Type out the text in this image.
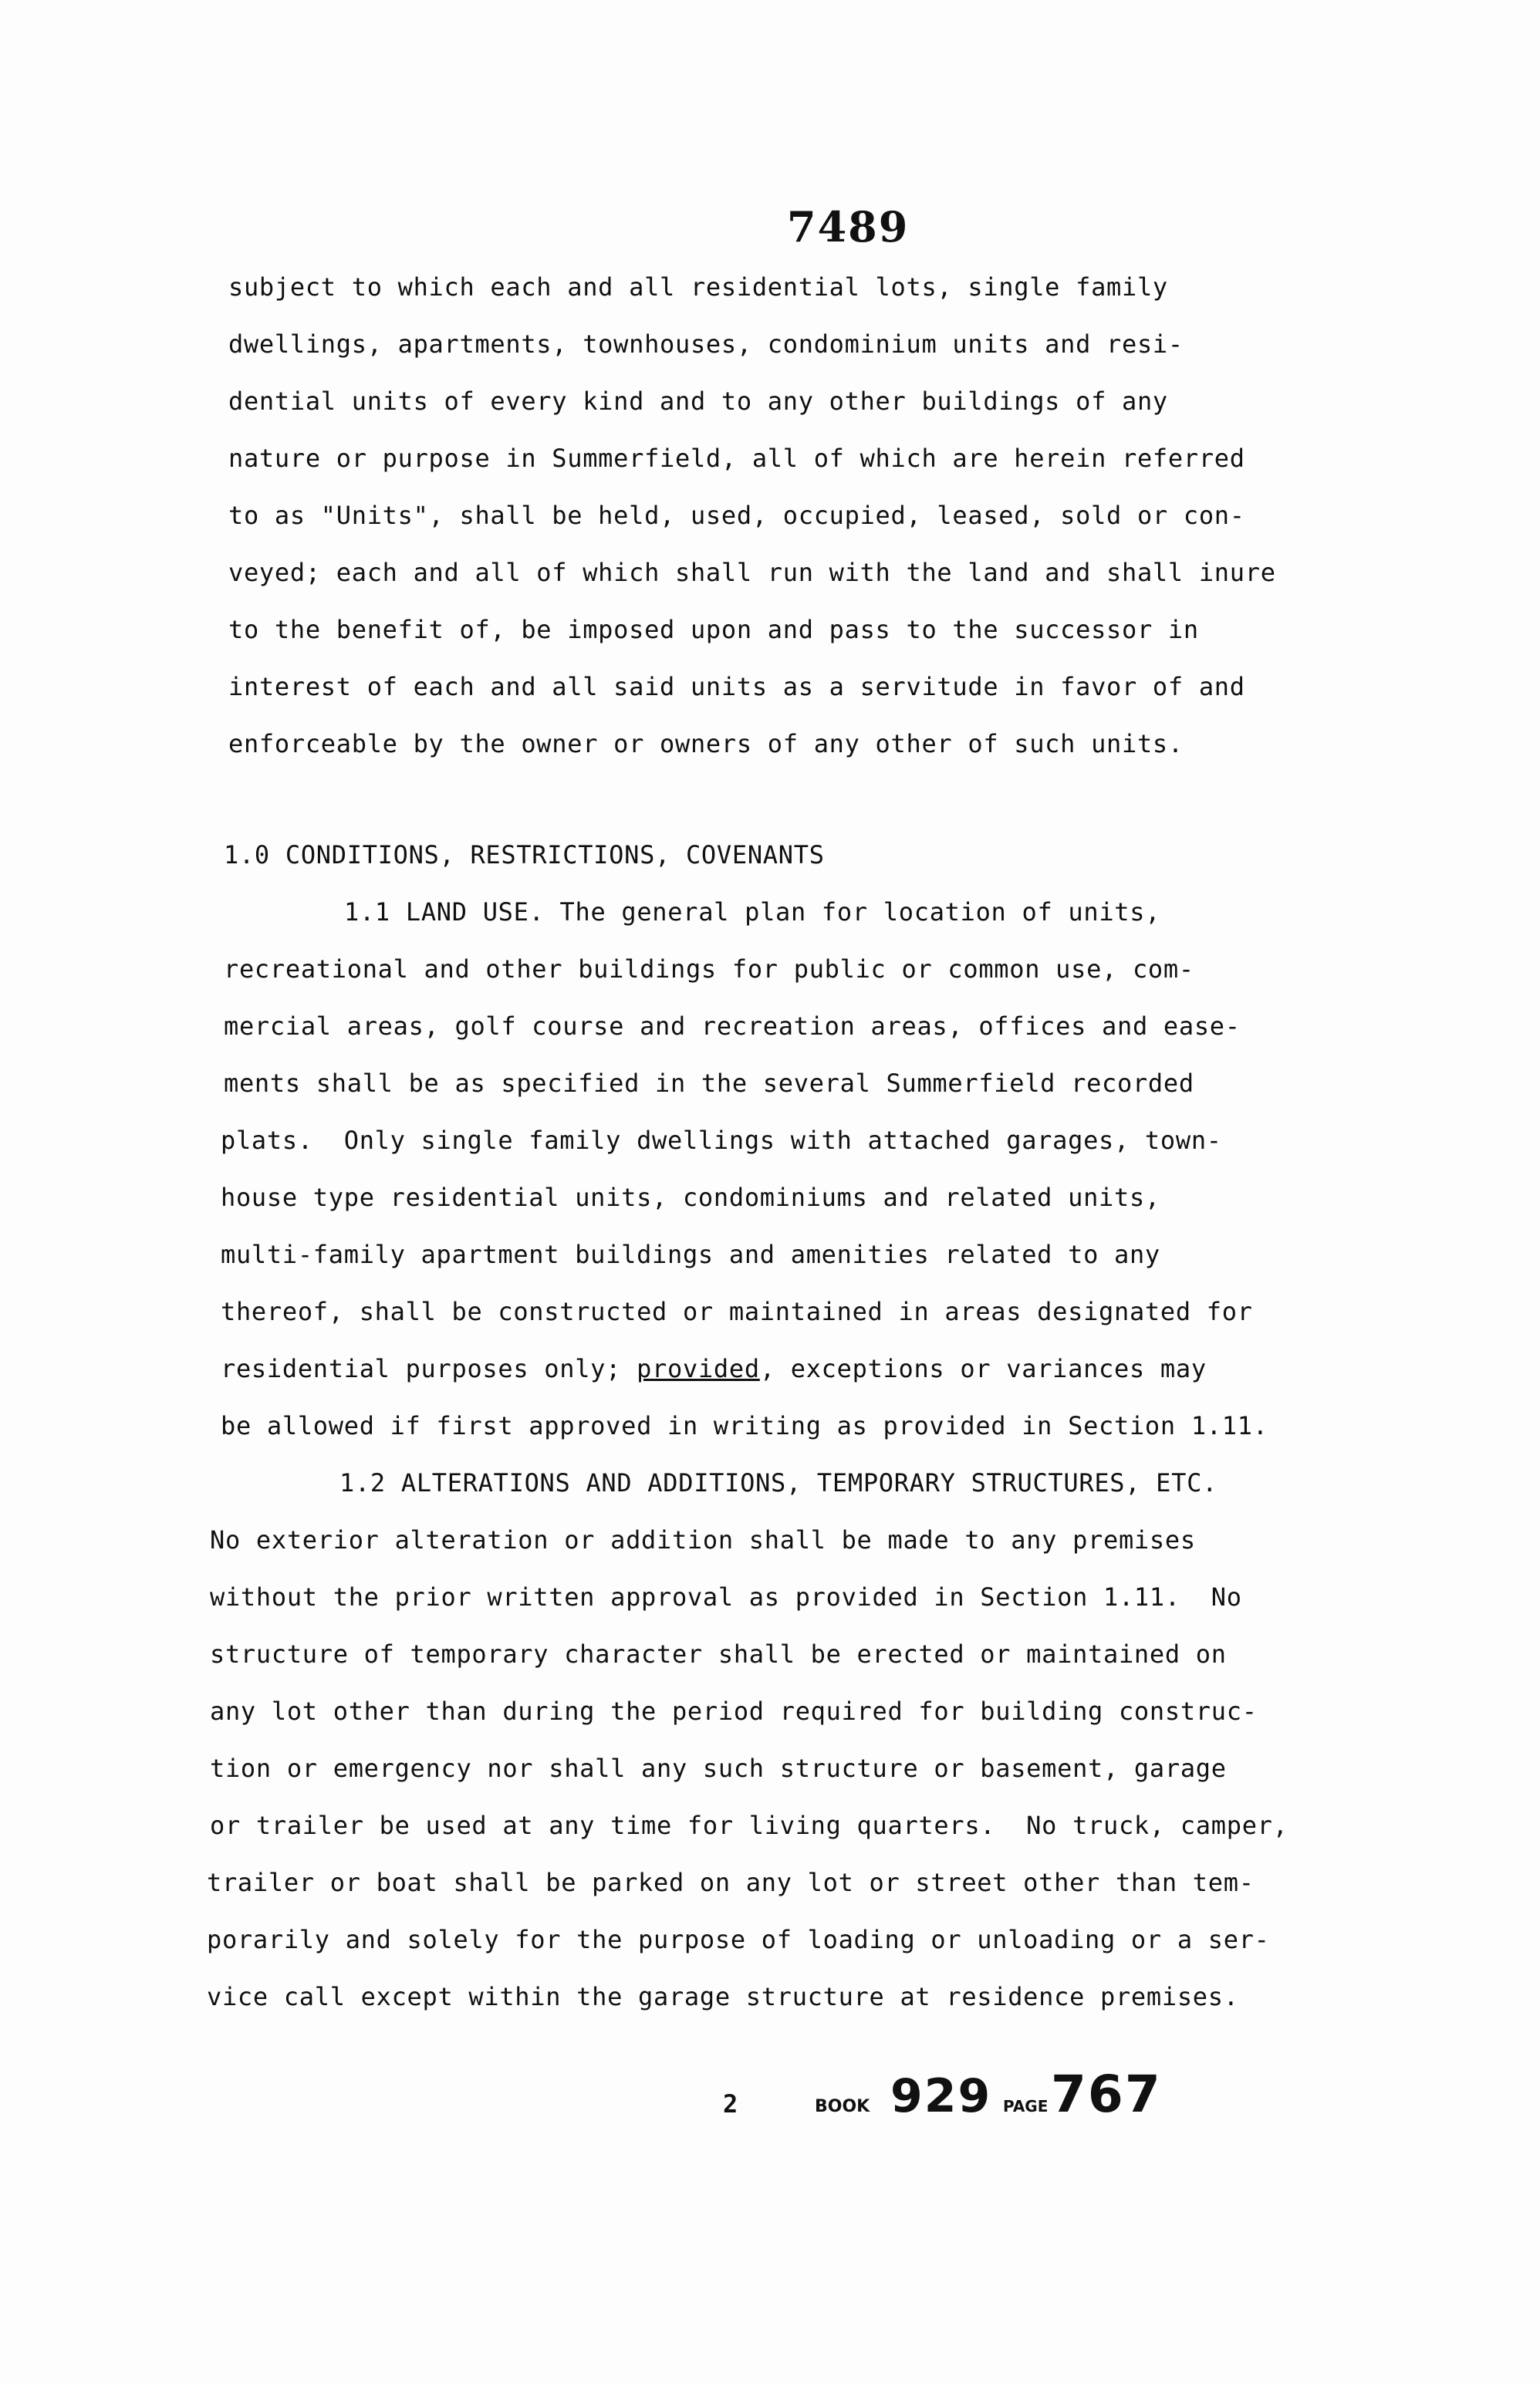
7489
subject to which each and all residential lots, single family
dwellings, apartments, townhouses, condominium units and resi-
dential units of every kind and to any other buildings of any
nature or purpose in Summerfield, all of which are herein referred
to as "Units", shall be held, used, occupied, leased, sold or con-
veyed; each and all of which shall run with the land and shall inure
to the benefit of, be imposed upon and pass to the successor in
interest of each and all said units as a servitude in favor of and
enforceable by the owner or owners of any other of such units.
1.0 CONDITIONS, RESTRICTIONS, COVENANTS
1.1 LAND USE. The general plan for location of units,
recreational and other buildings for public or common use, com-
mercial areas, golf course and recreation areas, offices and ease-
ments shall be as specified in the several Summerfield recorded
plats.  Only single family dwellings with attached garages, town-
house type residential units, condominiums and related units,
multi-family apartment buildings and amenities related to any
thereof, shall be constructed or maintained in areas designated for
residential purposes only; provided, exceptions or variances may
be allowed if first approved in writing as provided in Section 1.11.
1.2 ALTERATIONS AND ADDITIONS, TEMPORARY STRUCTURES, ETC.
No exterior alteration or addition shall be made to any premises
without the prior written approval as provided in Section 1.11.  No
structure of temporary character shall be erected or maintained on
any lot other than during the period required for building construc-
tion or emergency nor shall any such structure or basement, garage
or trailer be used at any time for living quarters.  No truck, camper,
trailer or boat shall be parked on any lot or street other than tem-
porarily and solely for the purpose of loading or unloading or a ser-
vice call except within the garage structure at residence premises.
2	BOOK 929 PAGE 767
